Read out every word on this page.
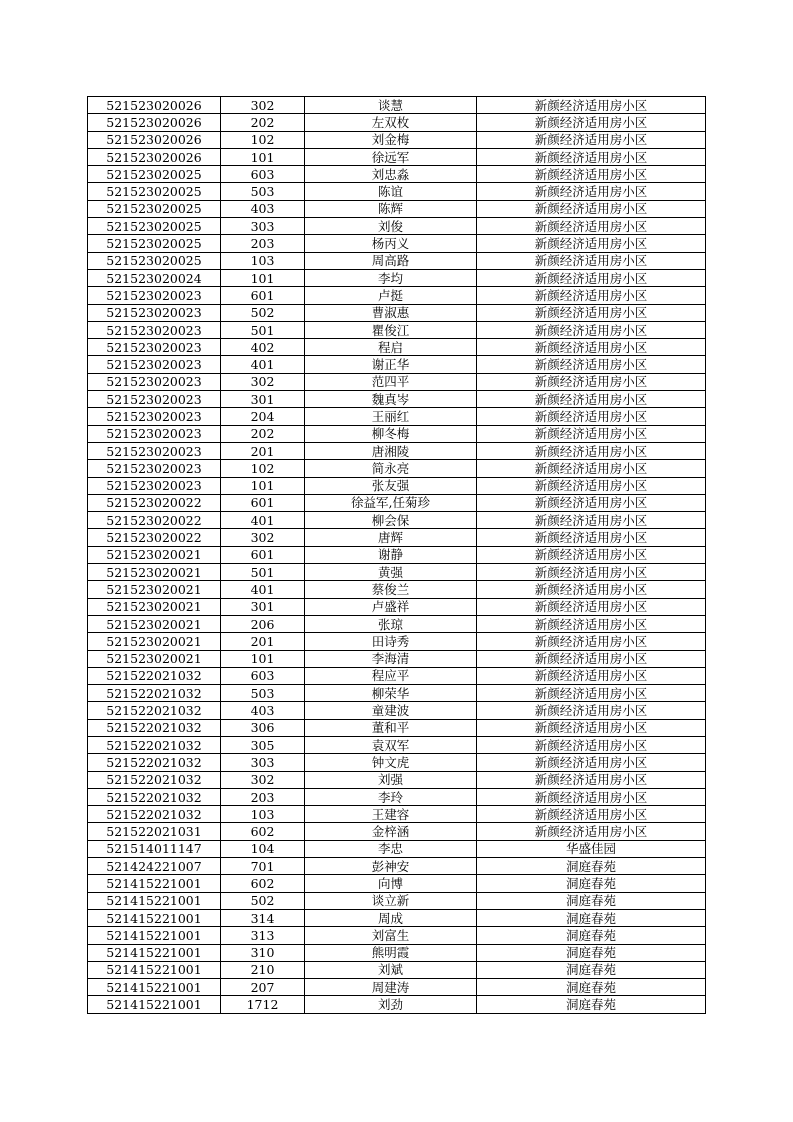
521523020026	302	谈慧	新颜经济适用房小区
521523020026	202	左双枚	新颜经济适用房小区
521523020026	102	刘金梅	新颜经济适用房小区
521523020026	101	徐远军	新颜经济适用房小区
521523020025	603	刘忠淼	新颜经济适用房小区
521523020025	503	陈谊	新颜经济适用房小区
521523020025	403	陈辉	新颜经济适用房小区
521523020025	303	刘俊	新颜经济适用房小区
521523020025	203	杨丙义	新颜经济适用房小区
521523020025	103	周高路	新颜经济适用房小区
521523020024	101	李均	新颜经济适用房小区
521523020023	601	卢挺	新颜经济适用房小区
521523020023	502	曹淑惠	新颜经济适用房小区
521523020023	501	瞿俊江	新颜经济适用房小区
521523020023	402	程启	新颜经济适用房小区
521523020023	401	谢正华	新颜经济适用房小区
521523020023	302	范四平	新颜经济适用房小区
521523020023	301	魏真岑	新颜经济适用房小区
521523020023	204	王丽红	新颜经济适用房小区
521523020023	202	柳冬梅	新颜经济适用房小区
521523020023	201	唐湘陵	新颜经济适用房小区
521523020023	102	简永亮	新颜经济适用房小区
521523020023	101	张友强	新颜经济适用房小区
521523020022	601	徐益军,任菊珍	新颜经济适用房小区
521523020022	401	柳会保	新颜经济适用房小区
521523020022	302	唐辉	新颜经济适用房小区
521523020021	601	谢静	新颜经济适用房小区
521523020021	501	黄强	新颜经济适用房小区
521523020021	401	蔡俊兰	新颜经济适用房小区
521523020021	301	卢盛祥	新颜经济适用房小区
521523020021	206	张琼	新颜经济适用房小区
521523020021	201	田诗秀	新颜经济适用房小区
521523020021	101	李海清	新颜经济适用房小区
521522021032	603	程应平	新颜经济适用房小区
521522021032	503	柳荣华	新颜经济适用房小区
521522021032	403	童建波	新颜经济适用房小区
521522021032	306	董和平	新颜经济适用房小区
521522021032	305	袁双军	新颜经济适用房小区
521522021032	303	钟文虎	新颜经济适用房小区
521522021032	302	刘强	新颜经济适用房小区
521522021032	203	李玲	新颜经济适用房小区
521522021032	103	王建容	新颜经济适用房小区
521522021031	602	金梓涵	新颜经济适用房小区
521514011147	104	李忠	华盛佳园
521424221007	701	彭神安	洞庭春苑
521415221001	602	向博	洞庭春苑
521415221001	502	谈立新	洞庭春苑
521415221001	314	周成	洞庭春苑
521415221001	313	刘富生	洞庭春苑
521415221001	310	熊明霞	洞庭春苑
521415221001	210	刘斌	洞庭春苑
521415221001	207	周建涛	洞庭春苑
521415221001	1712	刘劲	洞庭春苑
